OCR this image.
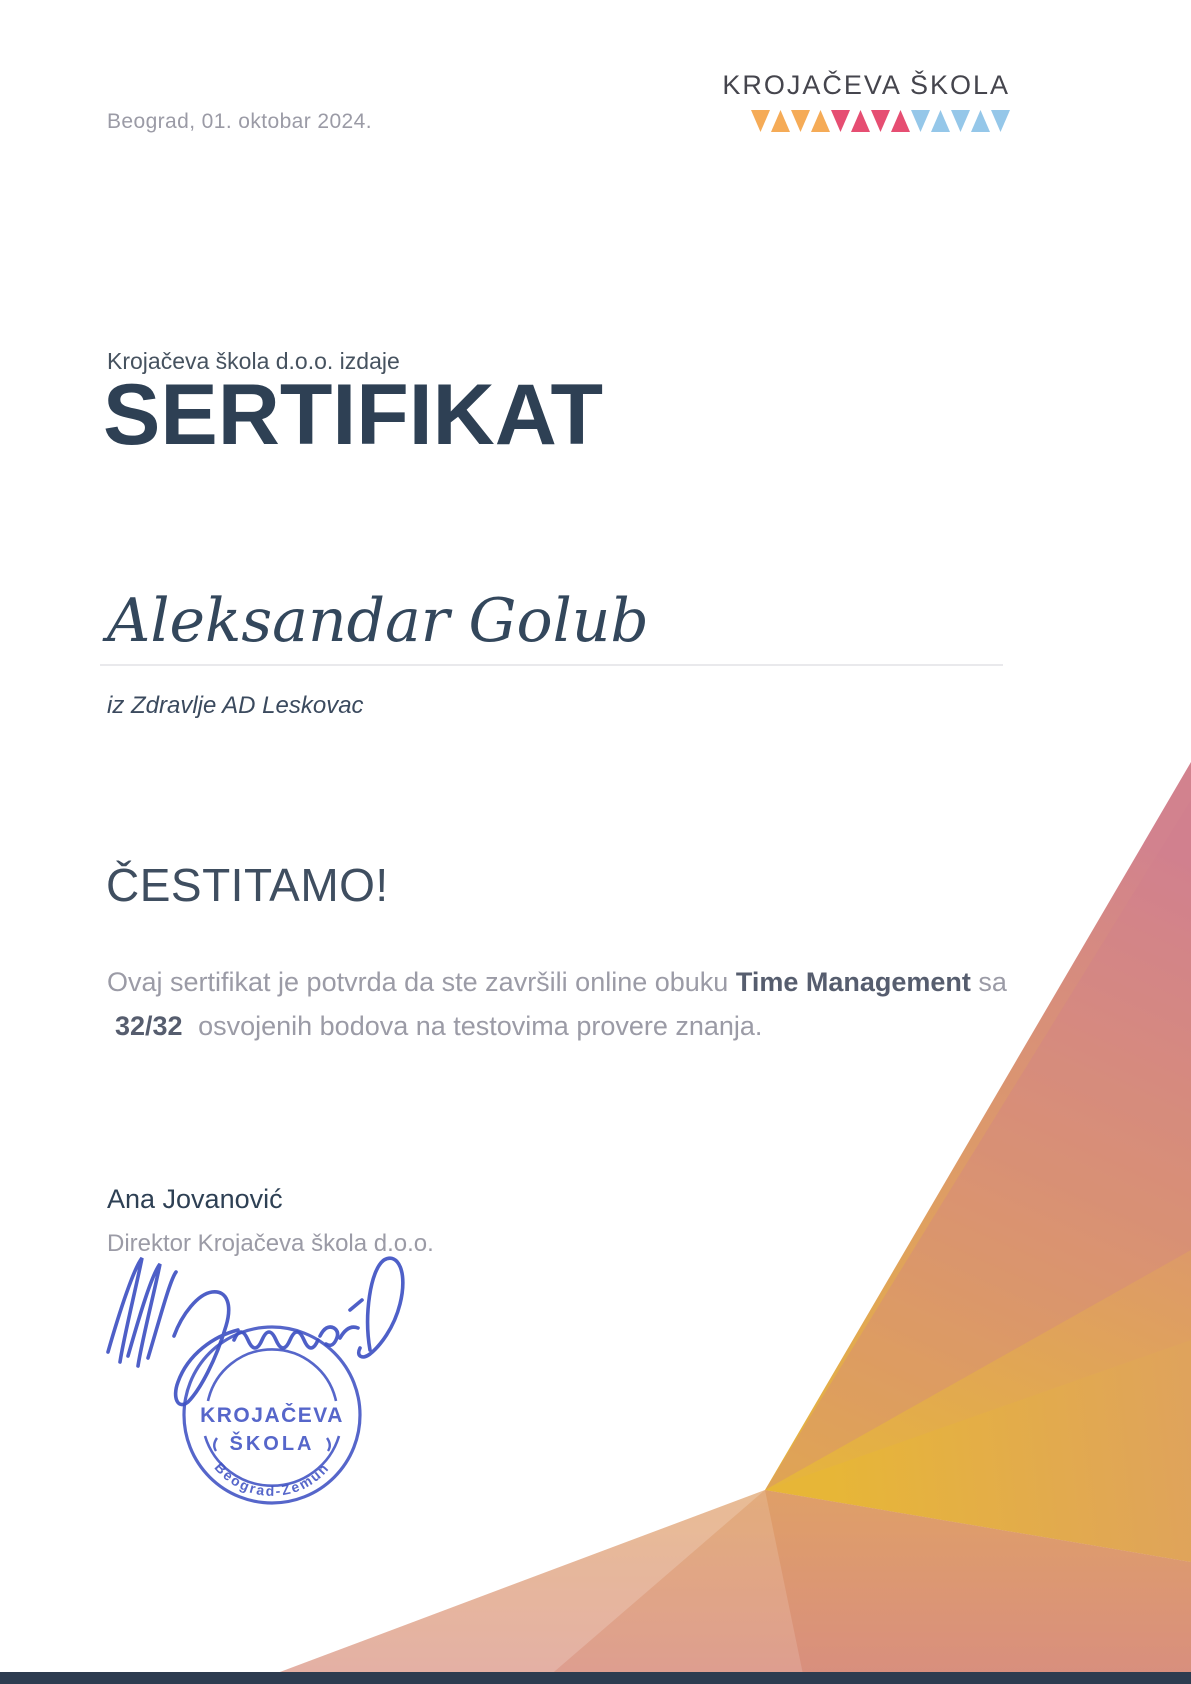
Beograd, 01. oktobar 2024.
KROJAČEVA ŠKOLA
Krojačeva škola d.o.o. izdaje
SERTIFIKAT
Aleksandar Golub
iz Zdravlje AD Leskovac
ČESTITAMO!

Ovaj sertifikat je potvrda da ste završili online obuku Time Management sa 32/32 osvojenih bodova na testovima provere znanja.

Ana Jovanović
Direktor Krojačeva škola d.o.o.
KROJAČEVA
ŠKOLA
Beograd-Zemun
